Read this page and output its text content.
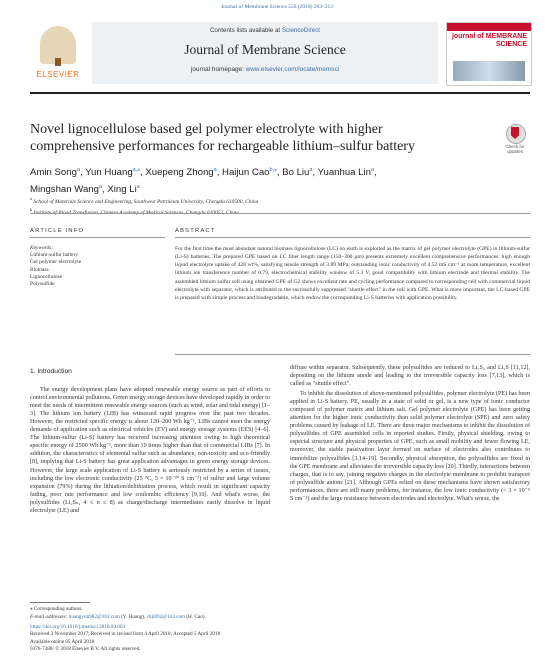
Journal of Membrane Science 556 (2018) 203–213
ELSEVIER
Contents lists available at ScienceDirect
Journal of Membrane Science
journal homepage: www.elsevier.com/locate/memsci
journal of MEMBRANE SCIENCE
Novel lignocellulose based gel polymer electrolyte with higher comprehensive performances for rechargeable lithium–sulfur battery	Check for updates
Amin Song$^a$, Yun Huang$^{a,⁎}$, Xuepeng Zhong$^a$, Haijun Cao$^{b,⁎}$, Bo Liu$^a$, Yuanhua Lin$^a$,
Mingshan Wang$^a$, Xing Li$^a$
$^a$ School of Materials Science and Engineering, Southwest Petroleum University, Chengdu 610500, China
$^b$
ARTICLE INFO	ABSTRACT
Keywords:
Lithium-sulfur battery
Gel polymer electrolyte
Biomass
Lignocellulose
Polysulfide
For the first time the most abundant natural biomass lignocellulose (LC) on earth is exploited as the matrix of gel polymer electrolyte (GPE) in lithium-sulfur (Li-S) batteries. The prepared GPE based on LC fiber length range (150–300 μm) presents extremely excellent comprehensive performances: high enough liquid electrolyte uptake of 428 wt%, satisfying tensile strength of 3.89 MPa, outstanding ionic conductivity of 4.52 mS cm⁻¹ at room temperature, excellent lithium ion transference number of 0.79, electrochemical stability window of 5.3 V, good compatibility with lithium electrode and thermal stability. The assembled lithium sulfur cell using obtained GPE of G2 shows excellent rate and cycling performance compared to corresponding cell with commercial liquid electrolyte with separator, which is attributed to the successfully suppressed "shuttle effect" in the cell with GPE. What is more important, the LC-based GPE is prepared with simple process and biodegradable, which endow the corresponding Li-S batteries with application possibility.
1. Introduction

The energy development plans have adopted renewable energy source as part of efforts to control environmental pollutions. Green energy storage devices have developed rapidly in order to meet the needs of intermittent renewable energy sources (such as wind, solar and tidal energy) [1–3]. The lithium ion battery (LIB) has witnessed rapid progress over the past two decades. However, the restricted specific energy is about 120–200 Wh kg⁻¹, LIBs cannot meet the energy demands of application such as electrical vehicles (EV) and energy storage systems (EES) [4–6]. The lithium-sulfur (Li-S) battery has received increasing attention owing to high theoretical specific energy of 2500 Wh kg⁻¹, more than 10 times higher than that of commercial LIBs [7]. In addition, the characteristics of elemental sulfur such as abundance, non-toxicity and eco-friendly [8], implying that Li-S battery has great application advantages in green energy storage devices. However, the large scale application of Li-S battery is seriously restricted by a series of issues, including the low electronic conductivity (25 °C, 5 × 10⁻³⁰ S cm⁻¹) of sulfur and large volume expansion (79%) during the lithiation/delithiation process, which result in significant capacity fading, poor rate performance and low coulombic efficiency [9,10]. And what's worse, the polysulfides (Li₂Sₙ, 4 ≤ n ≤ 8) as charge/discharge intermediates easily dissolve in liquid electrolyte (LE) and

diffuse within separator. Subsequently, these polysulfides are reduced to Li₂S₂ and Li₂S [11,12], depositing on the lithium anode and leading to the irreversible capacity loss [7,13], which is called as "shuttle effect".

To inhibit the dissolution of above-mentioned polysulfides, polymer electrolyte (PE) has been applied in Li-S battery. PE, usually in a state of solid or gel, is a new type of ionic conductor composed of polymer matrix and lithium salt. Gel polymer electrolyte (GPE) has been getting attention for the higher ionic conductivity than solid polymer electrolyte (SPE) and zero safety problems caused by leakage of LE. There are three major mechanisms to inhibit the dissolution of polysulfides of GPE assembled cells in reported studies. Firstly, physical shielding, owing to especial structure and physical properties of GPE, such as small mobility and fewer flowing LE, moreover, the stable passivation layer formed on surface of electrodes also contributes to immobilize polysulfides [3,14–19]. Secondly, physical absorption, the polysulfides are fixed in the GPE membrane and alleviates the irreversible capacity loss [20]. Thirdly, interactions between charges, that is to say, joining negative charges in the electrolyte membrane to prohibit transport of polysulfide anions [21]. Although GPEs relied on these mechanisms have shown satisfactory performances, there are still many problems, for instance, the low ionic conductivity (< 3 × 10⁻⁵ S cm⁻¹) and the large resistance between electrodes and electrolyte. What's worse, the

⁎ Corresponding authors.
E-mail addresses: huangyun982@163.com (Y. Huang), chjl892@163.com (H. Cao).
https://doi.org/10.1016/j.memsci.2018.04.003
Received 3 November 2017; Received in revised form 4 April 2018; Accepted 5 April 2018
Available online 05 April 2018
0376-7388/ © 2018 Elsevier B.V. All rights reserved.
